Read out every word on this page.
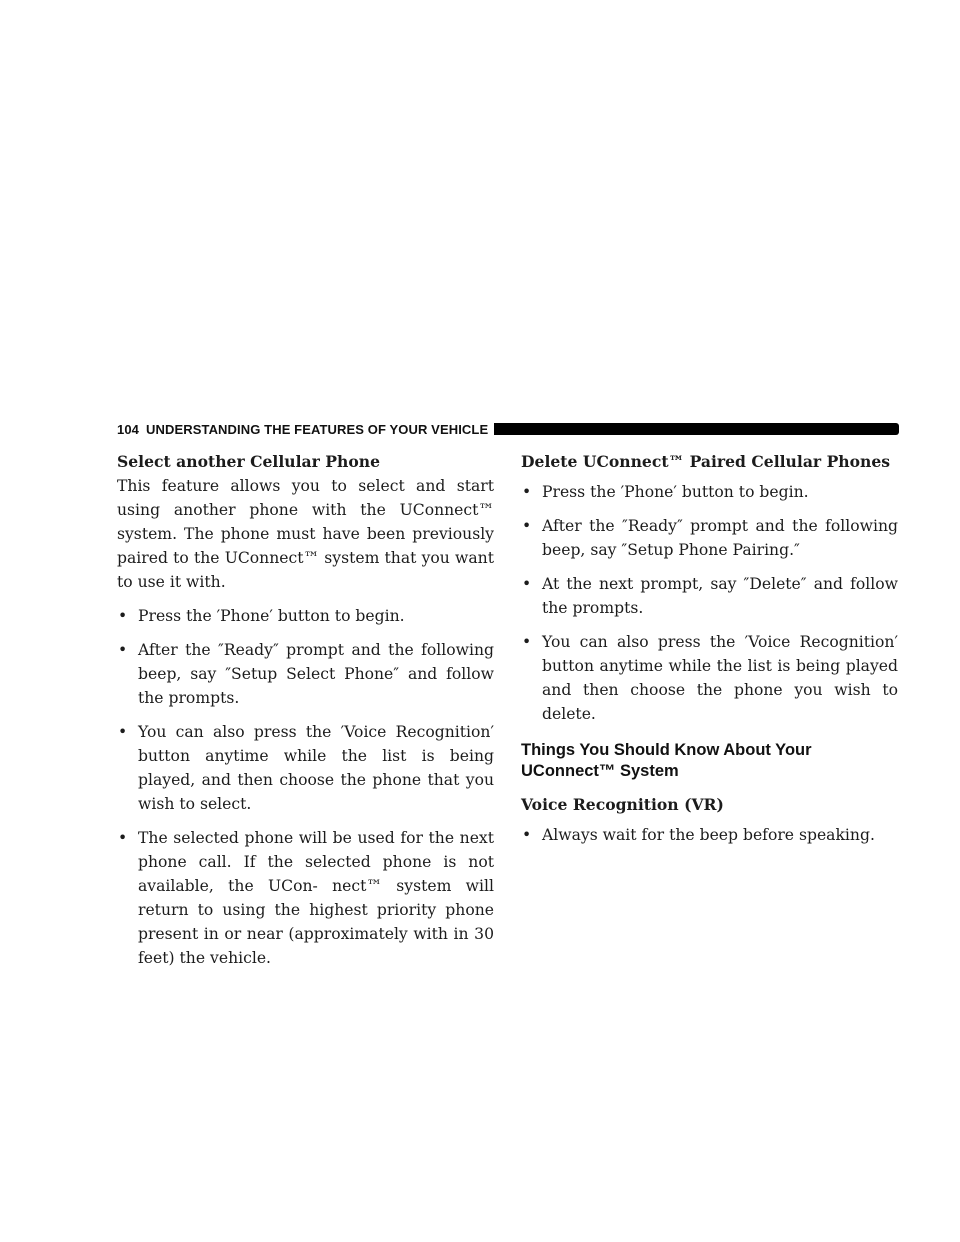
104 UNDERSTANDING THE FEATURES OF YOUR VEHICLE
Select another Cellular Phone

This feature allows you to select and start using another phone with the UConnect™ system. The phone must have been previously paired to the UConnect™ system that you want to use it with.

• Press the ′Phone′ button to begin.
• After the ″Ready″ prompt and the following beep, say ″Setup Select Phone″ and follow the prompts.
• You can also press the ′Voice Recognition′ button anytime while the list is being played, and then choose the phone that you wish to select.
• The selected phone will be used for the next phone call. If the selected phone is not available, the UCon- nect™ system will return to using the highest priority phone present in or near (approximately with in 30 feet) the vehicle.
Delete UConnect™ Paired Cellular Phones
• Press the ′Phone′ button to begin.
• After the ″Ready″ prompt and the following beep, say ″Setup Phone Pairing.″
• At the next prompt, say ″Delete″ and follow the prompts.
• You can also press the ′Voice Recognition′ button anytime while the list is being played and then choose the phone you wish to delete.
Things You Should Know About Your UConnect™ System
Voice Recognition (VR)
• Always wait for the beep before speaking.
